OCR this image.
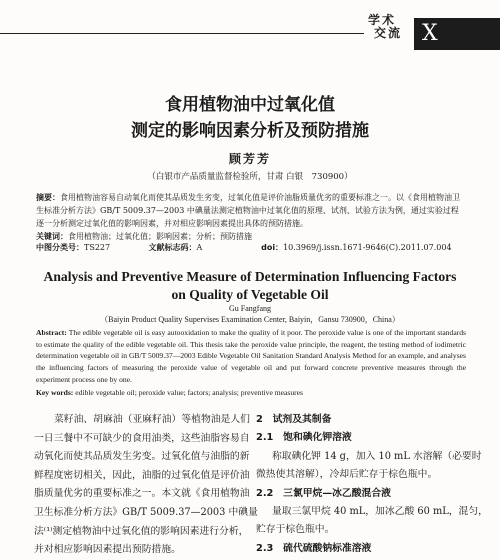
学术
交流 X
食用植物油中过氧化值
测定的影响因素分析及预防措施
顾芳芳
（白银市产品质量监督检验所，甘肃 白银　730900）
摘要：食用植物油容易自动氧化而使其品质发生劣变，过氧化值是评价油脂质量优劣的重要标准之一。以《食用植物油卫生标准分析方法》GB/T 5009.37—2003 中碘量法测定植物油中过氧化值的原理、试剂、试验方法为例，通过实验过程逐一分析测定过氧化值的影响因素，并对相应影响因素提出具体的预防措施。
关键词：食用植物油；过氧化值；影响因素；分析；预防措施
中图分类号：TS227	文献标志码：A	doi：10.3969/j.issn.1671-9646(C).2011.07.004
Analysis and Preventive Measure of Determination Influencing Factors
on Quality of Vegetable Oil
Gu Fangfang
（Baiyin Product Quality Supervises Examination Center, Baiyin，Gansu 730900，China）
Abstract: The edible vegetable oil is easy autooxidation to make the quality of it poor. The peroxide value is one of the important standards to estimate the quality of the edible vegetable oil. This thesis take the peroxide value principle, the reagent, the testing method of iodimetric determination vegetable oil in GB/T 5009.37—2003 Edible Vegetable Oil Sanitation Standard Analysis Method for an example, and analyses the influencing factors of measuring the peroxide value of vegetable oil and put forward concrete preventive measures through the experiment process one by one.
Key words: edible vegetable oil; peroxide value; factors; analysis; preventive measures
菜籽油、胡麻油（亚麻籽油）等植物油是人们
一日三餐中不可缺少的食用油类，这些油脂容易自
动氧化而使其品质发生劣变。过氧化值与油脂的新
鲜程度密切相关，因此，油脂的过氧化值是评价油
脂质量优劣的重要标准之一。本文就《食用植物油
卫生标准分析方法》GB/T 5009.37—2003 中碘量
法⁽¹⁾测定植物油中过氧化值的影响因素进行分析，
并对相应影响因素提出预防措施。
2　试剂及其制备
2.1　饱和碘化钾溶液
称取碘化钾 14 g，加入 10 mL 水溶解（必要时
微热使其溶解），冷却后贮存于棕色瓶中。
2.2　三氯甲烷—冰乙酸混合液
量取三氯甲烷 40 mL，加冰乙酸 60 mL，混匀，
贮存于棕色瓶中。
2.3　硫代硫酸钠标准溶液
